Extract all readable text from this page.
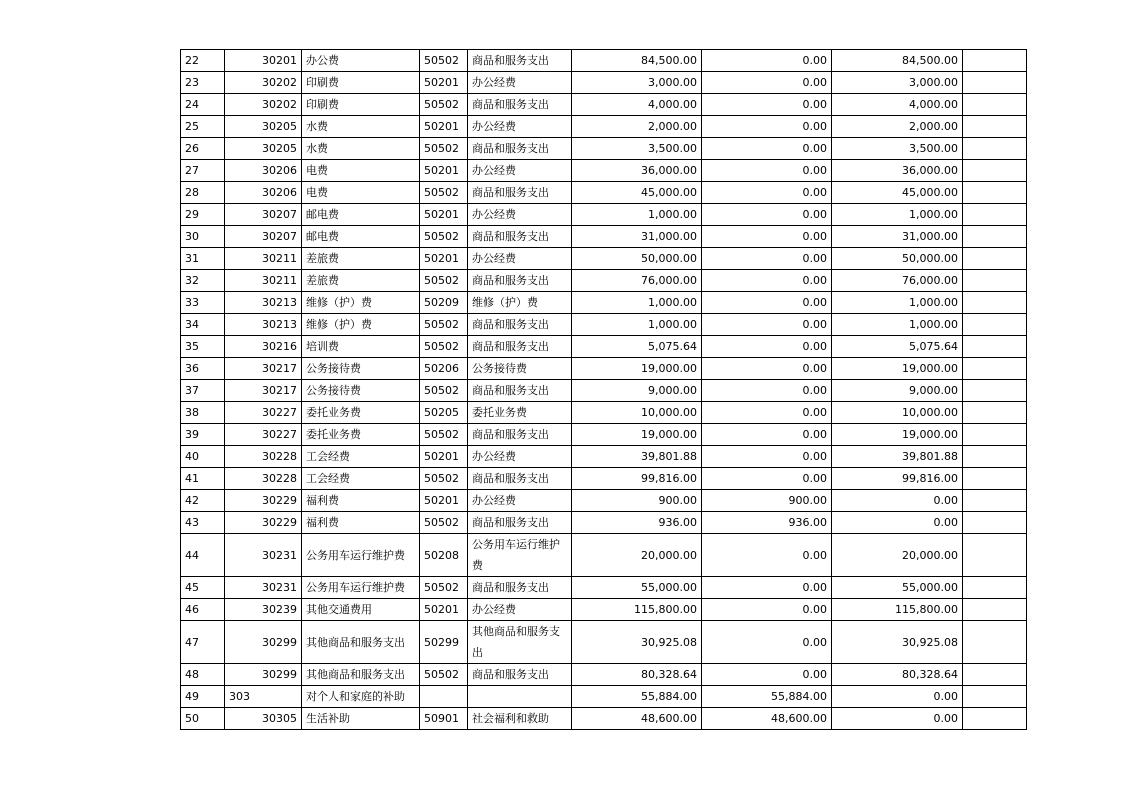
22	30201	办公费	50502	商品和服务支出	84,500.00	0.00	84,500.00	
23	30202	印刷费	50201	办公经费	3,000.00	0.00	3,000.00	
24	30202	印刷费	50502	商品和服务支出	4,000.00	0.00	4,000.00	
25	30205	水费	50201	办公经费	2,000.00	0.00	2,000.00	
26	30205	水费	50502	商品和服务支出	3,500.00	0.00	3,500.00	
27	30206	电费	50201	办公经费	36,000.00	0.00	36,000.00	
28	30206	电费	50502	商品和服务支出	45,000.00	0.00	45,000.00	
29	30207	邮电费	50201	办公经费	1,000.00	0.00	1,000.00	
30	30207	邮电费	50502	商品和服务支出	31,000.00	0.00	31,000.00	
31	30211	差旅费	50201	办公经费	50,000.00	0.00	50,000.00	
32	30211	差旅费	50502	商品和服务支出	76,000.00	0.00	76,000.00	
33	30213	维修（护）费	50209	维修（护）费	1,000.00	0.00	1,000.00	
34	30213	维修（护）费	50502	商品和服务支出	1,000.00	0.00	1,000.00	
35	30216	培训费	50502	商品和服务支出	5,075.64	0.00	5,075.64	
36	30217	公务接待费	50206	公务接待费	19,000.00	0.00	19,000.00	
37	30217	公务接待费	50502	商品和服务支出	9,000.00	0.00	9,000.00	
38	30227	委托业务费	50205	委托业务费	10,000.00	0.00	10,000.00	
39	30227	委托业务费	50502	商品和服务支出	19,000.00	0.00	19,000.00	
40	30228	工会经费	50201	办公经费	39,801.88	0.00	39,801.88	
41	30228	工会经费	50502	商品和服务支出	99,816.00	0.00	99,816.00	
42	30229	福利费	50201	办公经费	900.00	900.00	0.00	
43	30229	福利费	50502	商品和服务支出	936.00	936.00	0.00	
44	30231	公务用车运行维护费	50208	公务用车运行维护费	20,000.00	0.00	20,000.00	
45	30231	公务用车运行维护费	50502	商品和服务支出	55,000.00	0.00	55,000.00	
46	30239	其他交通费用	50201	办公经费	115,800.00	0.00	115,800.00	
47	30299	其他商品和服务支出	50299	其他商品和服务支出	30,925.08	0.00	30,925.08	
48	30299	其他商品和服务支出	50502	商品和服务支出	80,328.64	0.00	80,328.64	
49	303	对个人和家庭的补助			55,884.00	55,884.00	0.00	
50	30305	生活补助	50901	社会福利和救助	48,600.00	48,600.00	0.00	
